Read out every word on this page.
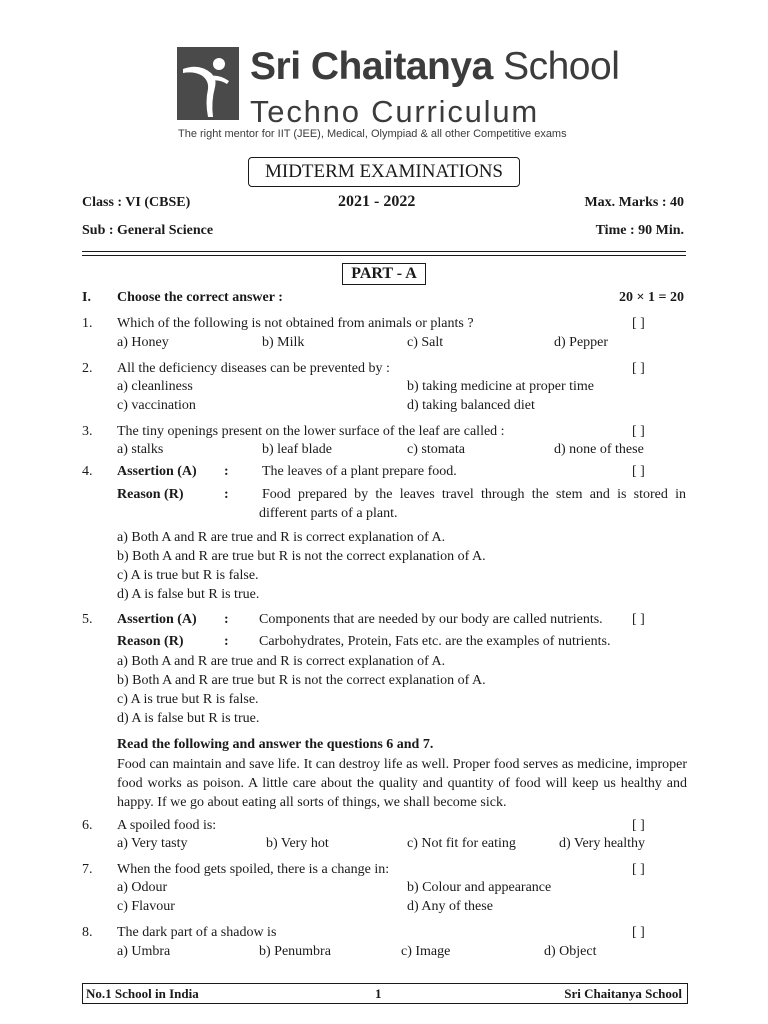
Sri Chaitanya School
Techno Curriculum
The right mentor for IIT (JEE), Medical, Olympiad & all other Competitive exams
MIDTERM EXAMINATIONS
Class : VI (CBSE)	2021 - 2022	Max. Marks : 40
Sub : General Science	Time : 90 Min.
PART - A
I. Choose the correct answer :	20 × 1 = 20
1. Which of the following is not obtained from animals or plants ?	[ ]
a) Honey	b) Milk	c) Salt	d) Pepper
2. All the deficiency diseases can be prevented by :	[ ]
a) cleanliness	b) taking medicine at proper time
c) vaccination	d) taking balanced diet
3. The tiny openings present on the lower surface of the leaf are called :	[ ]
a) stalks	b) leaf blade	c) stomata	d) none of these
4. Assertion (A) : The leaves of a plant prepare food.	[ ]
Reason (R)	: Food prepared by the leaves travel through the stem and is stored in
different parts of a plant.
a) Both A and R are true and R is correct explanation of A.
b) Both A and R are true but R is not the correct explanation of A.
c) A is true but R is false.
d) A is false but R is true.
5. Assertion (A) : Components that are needed by our body are called nutrients. [ ]
Reason (R)	: Carbohydrates, Protein, Fats etc. are the examples of nutrients.
a) Both A and R are true and R is correct explanation of A.
b) Both A and R are true but R is not the correct explanation of A.
c) A is true but R is false.
d) A is false but R is true.
Read the following and answer the questions 6 and 7.
Food can maintain and save life. It can destroy life as well. Proper food serves as medicine, improper food works as poison. A little care about the quality and quantity of food will keep us healthy and happy. If we go about eating all sorts of things, we shall become sick.
6. A spoiled food is:	[ ]
a) Very tasty	b) Very hot	c) Not fit for eating	d) Very healthy
7. When the food gets spoiled, there is a change in:	[ ]
a) Odour	b) Colour and appearance
c) Flavour	d) Any of these
8. The dark part of a shadow is	[ ]
a) Umbra	b) Penumbra	c) Image	d) Object
No.1 School in India	1	Sri Chaitanya School
